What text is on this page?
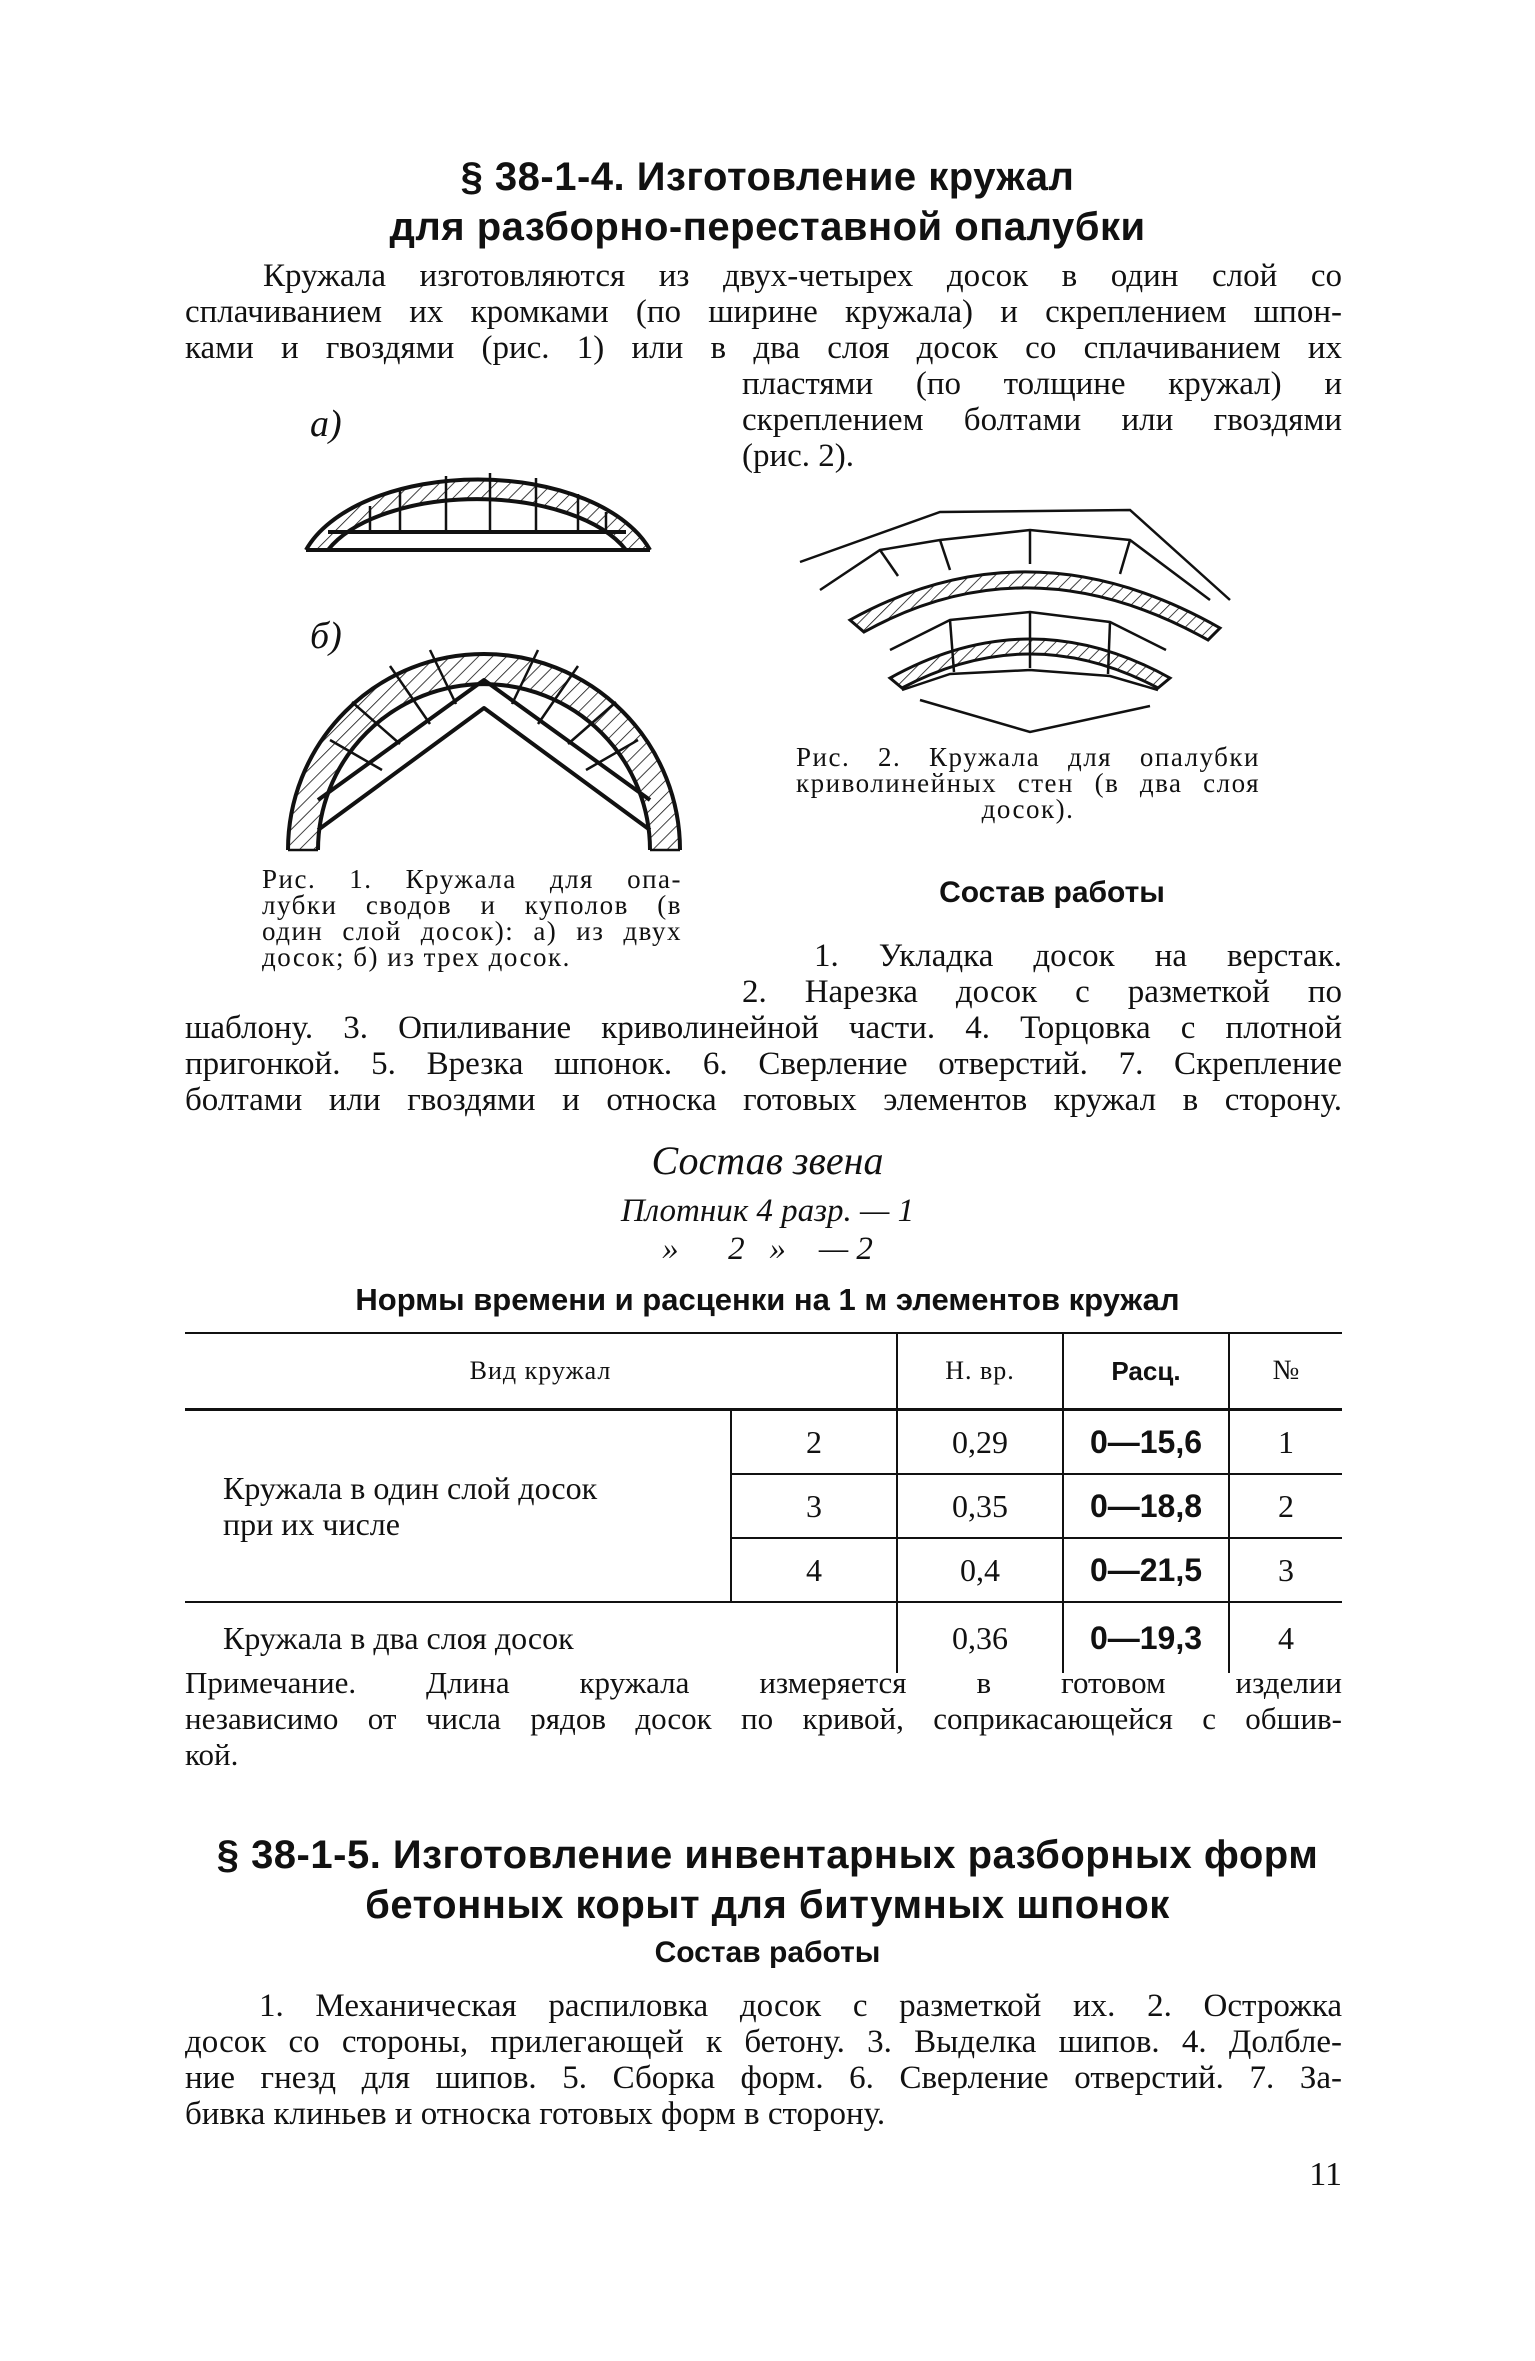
§ 38-1-4. Изготовление кружал
для разборно-переставной опалубки
Кружала изготовляются из двух-четырех досок в один слой со
сплачиванием их кромками (по ширине кружала) и скреплением шпон-
ками и гвоздями (рис. 1) или в два слоя досок со сплачиванием их
пластями (по толщине кружал) и
скреплением болтами или гвоздями
(рис. 2).
а)
б)
Рис. 1. Кружала для опа-
лубки сводов и куполов (в
один слой досок): а) из двух
досок; б) из трех досок.
Рис. 2. Кружала для опалубки
криволинейных стен (в два слоя
досок).
Состав работы
1. Укладка досок на верстак.
2. Нарезка досок с разметкой по
шаблону. 3. Опиливание криволинейной части. 4. Торцовка с плотной
пригонкой. 5. Врезка шпонок. 6. Сверление отверстий. 7. Скрепление
болтами или гвоздями и относка готовых элементов кружал в сторону.
Состав звена
Плотник 4 разр. — 1
»      2   »    — 2
Нормы времени и расценки на 1 м элементов кружал
Вид кружал		Н. вр.	Расц.	№

Кружала в один слой досок
при их числе	2	0,29	0—15,6	1
	3	0,35	0—18,8	2
	4	0,4	0—21,5	3
Кружала в два слоя досок		0,36	0—19,3	4
Примечание. Длина кружала измеряется в готовом изделии
независимо от числа рядов досок по кривой, соприкасающейся с обшив-
кой.
§ 38-1-5. Изготовление инвентарных разборных форм
бетонных корыт для битумных шпонок
Состав работы
1. Механическая распиловка досок с разметкой их. 2. Острожка
досок со стороны, прилегающей к бетону. 3. Выделка шипов. 4. Долбле-
ние гнезд для шипов. 5. Сборка форм. 6. Сверление отверстий. 7. За-
бивка клиньев и относка готовых форм в сторону.
11
